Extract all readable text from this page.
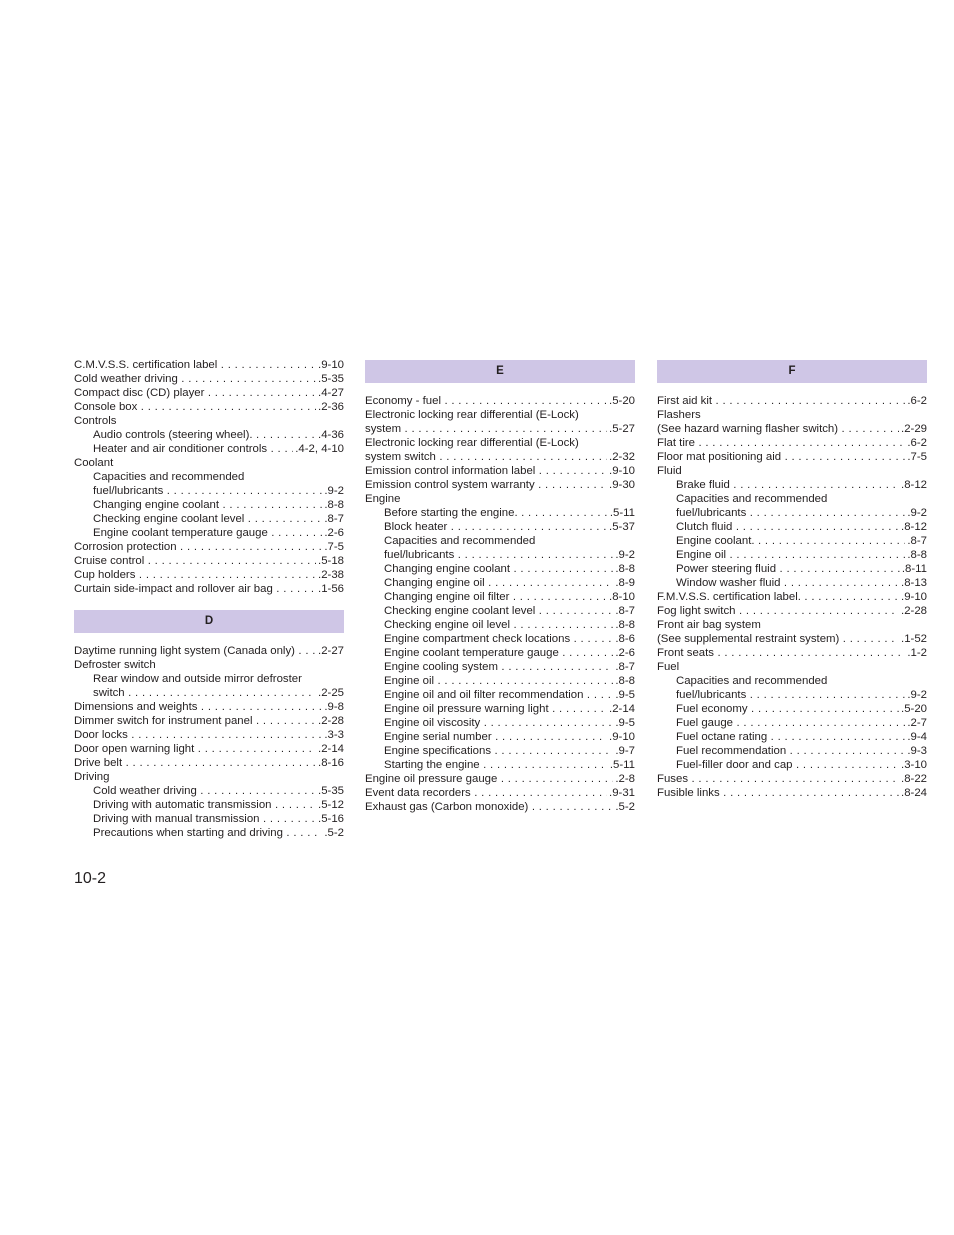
C.M.V.S.S. certification label	.9-10
. . .
Cold weather driving	.5-35
. . .
Compact disc (CD) player	.4-27
. . .
Console box	.2-36
. . .
Controls
Audio controls (steering wheel).	.4-36
. . .
Heater and air conditioner controls .4-2, 4-10
. . .
Coolant
Capacities and recommended
fuel/lubricants	.9-2
. . .
Changing engine coolant	.8-8
. . .
Checking engine coolant level	.8-7
. . .
Engine coolant temperature gauge	.2-6
. . .
Corrosion protection	.7-5
. . .
Cruise control	.5-18
. . .
Cup holders	.2-38
. . .
Curtain side-impact and rollover air bag	.1-56
. . .
D
Daytime running light system (Canada only) .2-27
. . .
Defroster switch
Rear window and outside mirror defroster
switch	.2-25
. . .
Dimensions and weights	.9-8
. . .
Dimmer switch for instrument panel	.2-28
. . .
Door locks	.3-3
. . .
Door open warning light	.2-14
. . .
Drive belt	.8-16
. . .
Driving
Cold weather driving	.5-35
. . .
Driving with automatic transmission	.5-12
. . .
Driving with manual transmission	.5-16
. . .
Precautions when starting and driving	.5-2
. . .
E
Economy - fuel	.5-20
. . .
Electronic locking rear differential (E-Lock)
system	.5-27
. . .
Electronic locking rear differential (E-Lock)
system switch	.2-32
. . .
Emission control information label	.9-10
. . .
Emission control system warranty	.9-30
. . .
Engine
Before starting the engine.	.5-11
. . .
Block heater	.5-37
. . .
Capacities and recommended
fuel/lubricants	.9-2
. . .
Changing engine coolant	.8-8
. . .
Changing engine oil	.8-9
. . .
Changing engine oil filter	.8-10
. . .
Checking engine coolant level	.8-7
. . .
Checking engine oil level	.8-8
. . .
Engine compartment check locations	.8-6
. . .
Engine coolant temperature gauge	.2-6
. . .
Engine cooling system	.8-7
. . .
Engine oil	.8-8
. . .
Engine oil and oil filter recommendation	.9-5
. . .
Engine oil pressure warning light	.2-14
. . .
Engine oil viscosity	.9-5
. . .
Engine serial number	.9-10
. . .
Engine specifications	.9-7
. . .
Starting the engine	.5-11
. . .
Engine oil pressure gauge	.2-8
. . .
Event data recorders	.9-31
. . .
Exhaust gas (Carbon monoxide)	.5-2
. . .
F
First aid kit	.6-2
. . .
Flashers
(See hazard warning flasher switch)	.2-29
. . .
Flat tire	.6-2
. . .
Floor mat positioning aid	.7-5
. . .
Fluid
Brake fluid	.8-12
. . .
Capacities and recommended
fuel/lubricants	.9-2
. . .
Clutch fluid	.8-12
. . .
Engine coolant.	.8-7
. . .
Engine oil	.8-8
. . .
Power steering fluid	.8-11
. . .
Window washer fluid	.8-13
. . .
F.M.V.S.S. certification label.	.9-10
. . .
Fog light switch	.2-28
. . .
Front air bag system
(See supplemental restraint system)	.1-52
. . .
Front seats	.1-2
. . .
Fuel
Capacities and recommended
fuel/lubricants	.9-2
. . .
Fuel economy	.5-20
. . .
Fuel gauge	.2-7
. . .
Fuel octane rating	.9-4
. . .
Fuel recommendation	.9-3
. . .
Fuel-filler door and cap	.3-10
. . .
Fuses	.8-22
. . .
Fusible links	.8-24
. . .
10-2
